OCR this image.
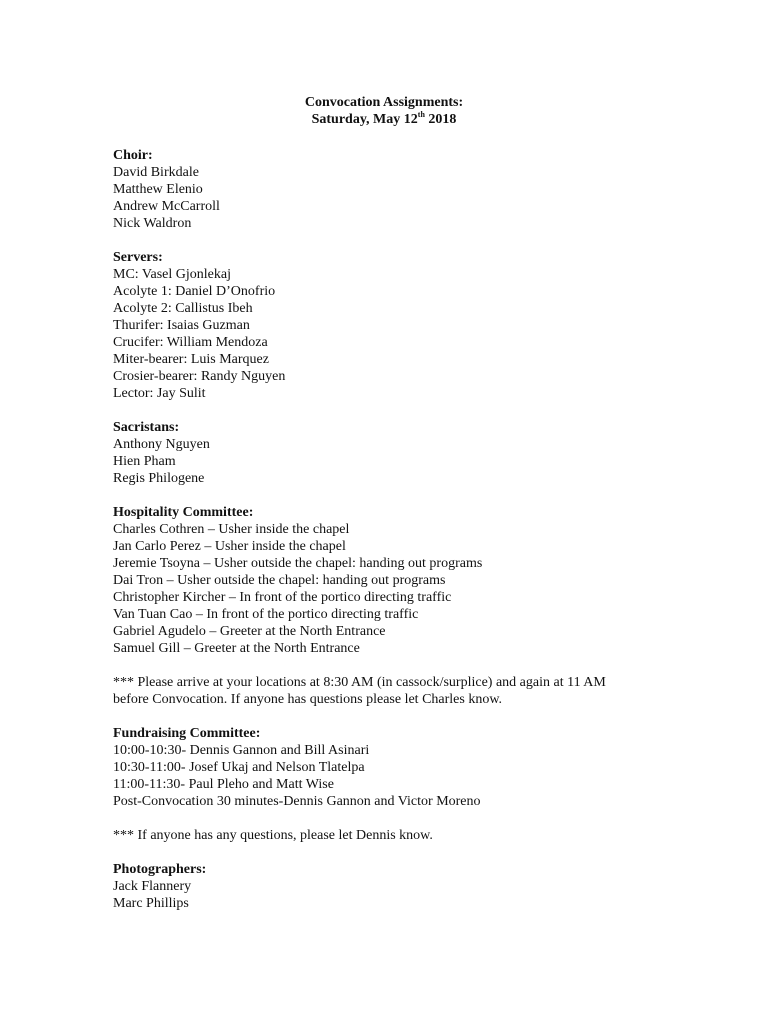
Convocation Assignments:
Saturday, May 12th 2018
Choir:
David Birkdale
Matthew Elenio
Andrew McCarroll
Nick Waldron
Servers:
MC: Vasel Gjonlekaj
Acolyte 1: Daniel D’Onofrio
Acolyte 2: Callistus Ibeh
Thurifer: Isaias Guzman
Crucifer: William Mendoza
Miter-bearer: Luis Marquez
Crosier-bearer: Randy Nguyen
Lector: Jay Sulit
Sacristans:
Anthony Nguyen
Hien Pham
Regis Philogene
Hospitality Committee:
Charles Cothren – Usher inside the chapel
Jan Carlo Perez – Usher inside the chapel
Jeremie Tsoyna – Usher outside the chapel: handing out programs
Dai Tron – Usher outside the chapel: handing out programs
Christopher Kircher – In front of the portico directing traffic
Van Tuan Cao – In front of the portico directing traffic
Gabriel Agudelo – Greeter at the North Entrance
Samuel Gill – Greeter at the North Entrance
*** Please arrive at your locations at 8:30 AM (in cassock/surplice) and again at 11 AM
before Convocation. If anyone has questions please let Charles know.
Fundraising Committee:
10:00-10:30- Dennis Gannon and Bill Asinari
10:30-11:00- Josef Ukaj and Nelson Tlatelpa
11:00-11:30- Paul Pleho and Matt Wise
Post-Convocation 30 minutes-Dennis Gannon and Victor Moreno
*** If anyone has any questions, please let Dennis know.
Photographers:
Jack Flannery
Marc Phillips
